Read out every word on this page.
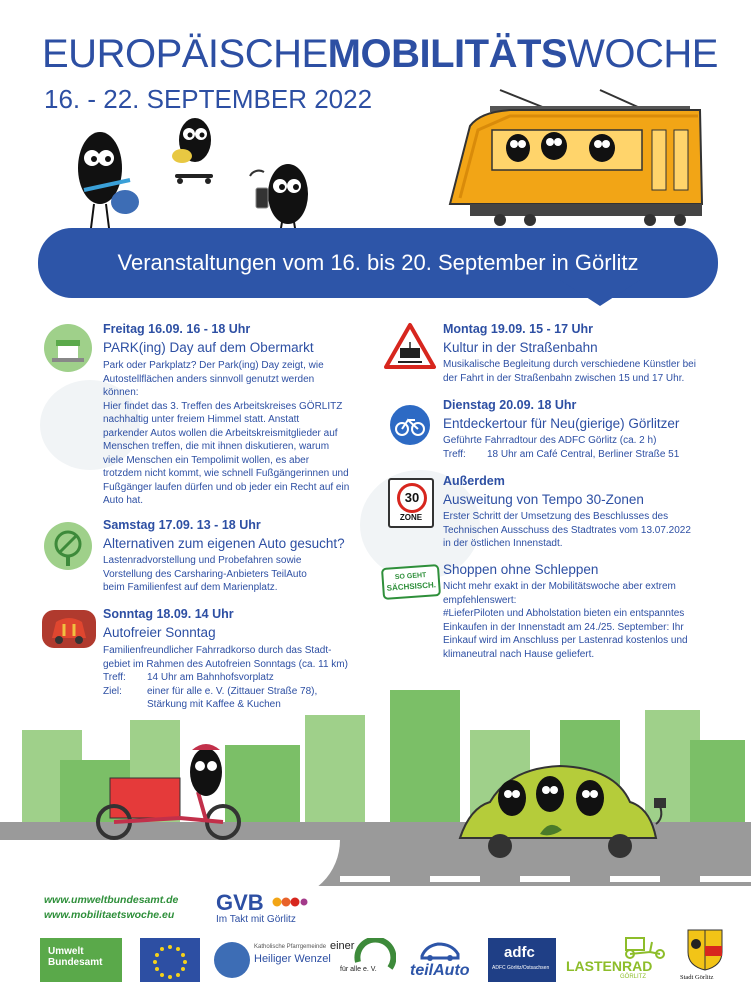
EUROPÄISCHEMOBILITÄTSWOCHE
16. - 22. SEPTEMBER 2022
Veranstaltungen vom 16. bis 20. September in Görlitz
Freitag 16.09. 16 - 18 Uhr
PARK(ing) Day auf dem Obermarkt
Park oder Parkplatz? Der Park(ing) Day zeigt, wie
Autostellflächen anders sinnvoll genutzt werden
können:
Hier findet das 3. Treffen des Arbeitskreises GÖRLITZ
nachhaltig unter freiem Himmel statt. Anstatt
parkender Autos wollen die Arbeitskreismitglieder auf
Menschen treffen, die mit ihnen diskutieren, warum
viele Menschen ein Tempolimit wollen, es aber
trotzdem nicht kommt, wie schnell Fußgängerinnen und
Fußgänger laufen dürfen und ob jeder ein Recht auf ein
Auto hat.
Samstag 17.09. 13 - 18 Uhr
Alternativen zum eigenen Auto gesucht?
Lastenradvorstellung und Probefahren sowie
Vorstellung des Carsharing-Anbieters TeilAuto
beim Familienfest auf dem Marienplatz.
Sonntag 18.09. 14 Uhr
Autofreier Sonntag
Familienfreundlicher Fahrradkorso durch das Stadt-
gebiet im Rahmen des Autofreien Sonntags (ca. 11 km)
Treff: 14 Uhr am Bahnhofsvorplatz
Ziel:	einer für alle e. V. (Zittauer Straße 78),
Stärkung mit Kaffee & Kuchen
30
ZONE
SO GEHT
SÄCHSISCH.
Montag 19.09. 15 - 17 Uhr
Kultur in der Straßenbahn
Musikalische Begleitung durch verschiedene Künstler bei
der Fahrt in der Straßenbahn zwischen 15 und 17 Uhr.
Dienstag 20.09. 18 Uhr
Entdeckertour für Neu(gierige) Görlitzer
Geführte Fahrradtour des ADFC Görlitz (ca. 2 h)
Treff: 18 Uhr am Café Central, Berliner Straße 51
Außerdem
Ausweitung von Tempo 30-Zonen
Erster Schritt der Umsetzung des Beschlusses des
Technischen Ausschuss des Stadtrates vom 13.07.2022
in der östlichen Innenstadt.
Shoppen ohne Schleppen
Nicht mehr exakt in der Mobilitätswoche aber extrem
empfehlenswert:
#LieferPiloten und Abholstation bieten ein entspanntes
Einkaufen in der Innenstadt am 24./25. September: Ihr
Einkauf wird im Anschluss per Lastenrad kostenlos und
klimaneutral nach Hause geliefert.
www.umweltbundesamt.de
www.mobilitaetswoche.eu GVB
Im Takt mit Görlitz
Umwelt
Bundesamt
Katholische Pfarrgemeinde
Heiliger Wenzel
einer
für alle e. V. teilAuto
adfc
ADFC Görlitz/Ostsachsen	LASTENRAD
GÖRLITZ	Stadt Görlitz
